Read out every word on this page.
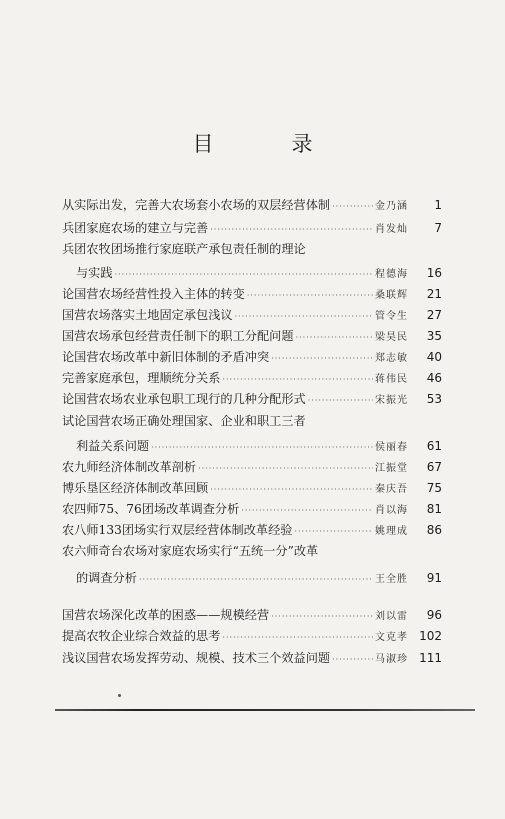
目	录
从实际出发，完善大农场套小农场的双层经营体制 ·····	金乃涵	1
兵团家庭农场的建立与完善 ·····	肖发灿	7
兵团农牧团场推行家庭联产承包责任制的理论
与实践 ·····	程德海	16
论国营农场经营性投入主体的转变 ·····	桑联辉	21
国营农场落实土地固定承包浅议 ·····	管令生	27
国营农场承包经营责任制下的职工分配问题 ·····	梁昊民	35
论国营农场改革中新旧体制的矛盾冲突 ·····	郑志敏	40
完善家庭承包，理顺统分关系 ·····	蒋伟民	46
论国营农场农业承包职工现行的几种分配形式 ·····	宋振光	53
试论国营农场正确处理国家、企业和职工三者
利益关系问题 ·····	侯丽春	61
农九师经济体制改革剖析 ·····	江振堂	67
博乐垦区经济体制改革回顾 ·····	秦庆吾	75
农四师75、76团场改革调查分析 ·····	肖以海	81
农八师133团场实行双层经营体制改革经验 ·····	姚理成	86
农六师奇台农场对家庭农场实行“五统一分”改革
的调查分析 ·····	王全胜	91
国营农场深化改革的困惑——规模经营 ·····	刘以雷	96
提高农牧企业综合效益的思考 ·····	文克孝 102
浅议国营农场发挥劳动、规模、技术三个效益问题 ·····	马淑珍 111
